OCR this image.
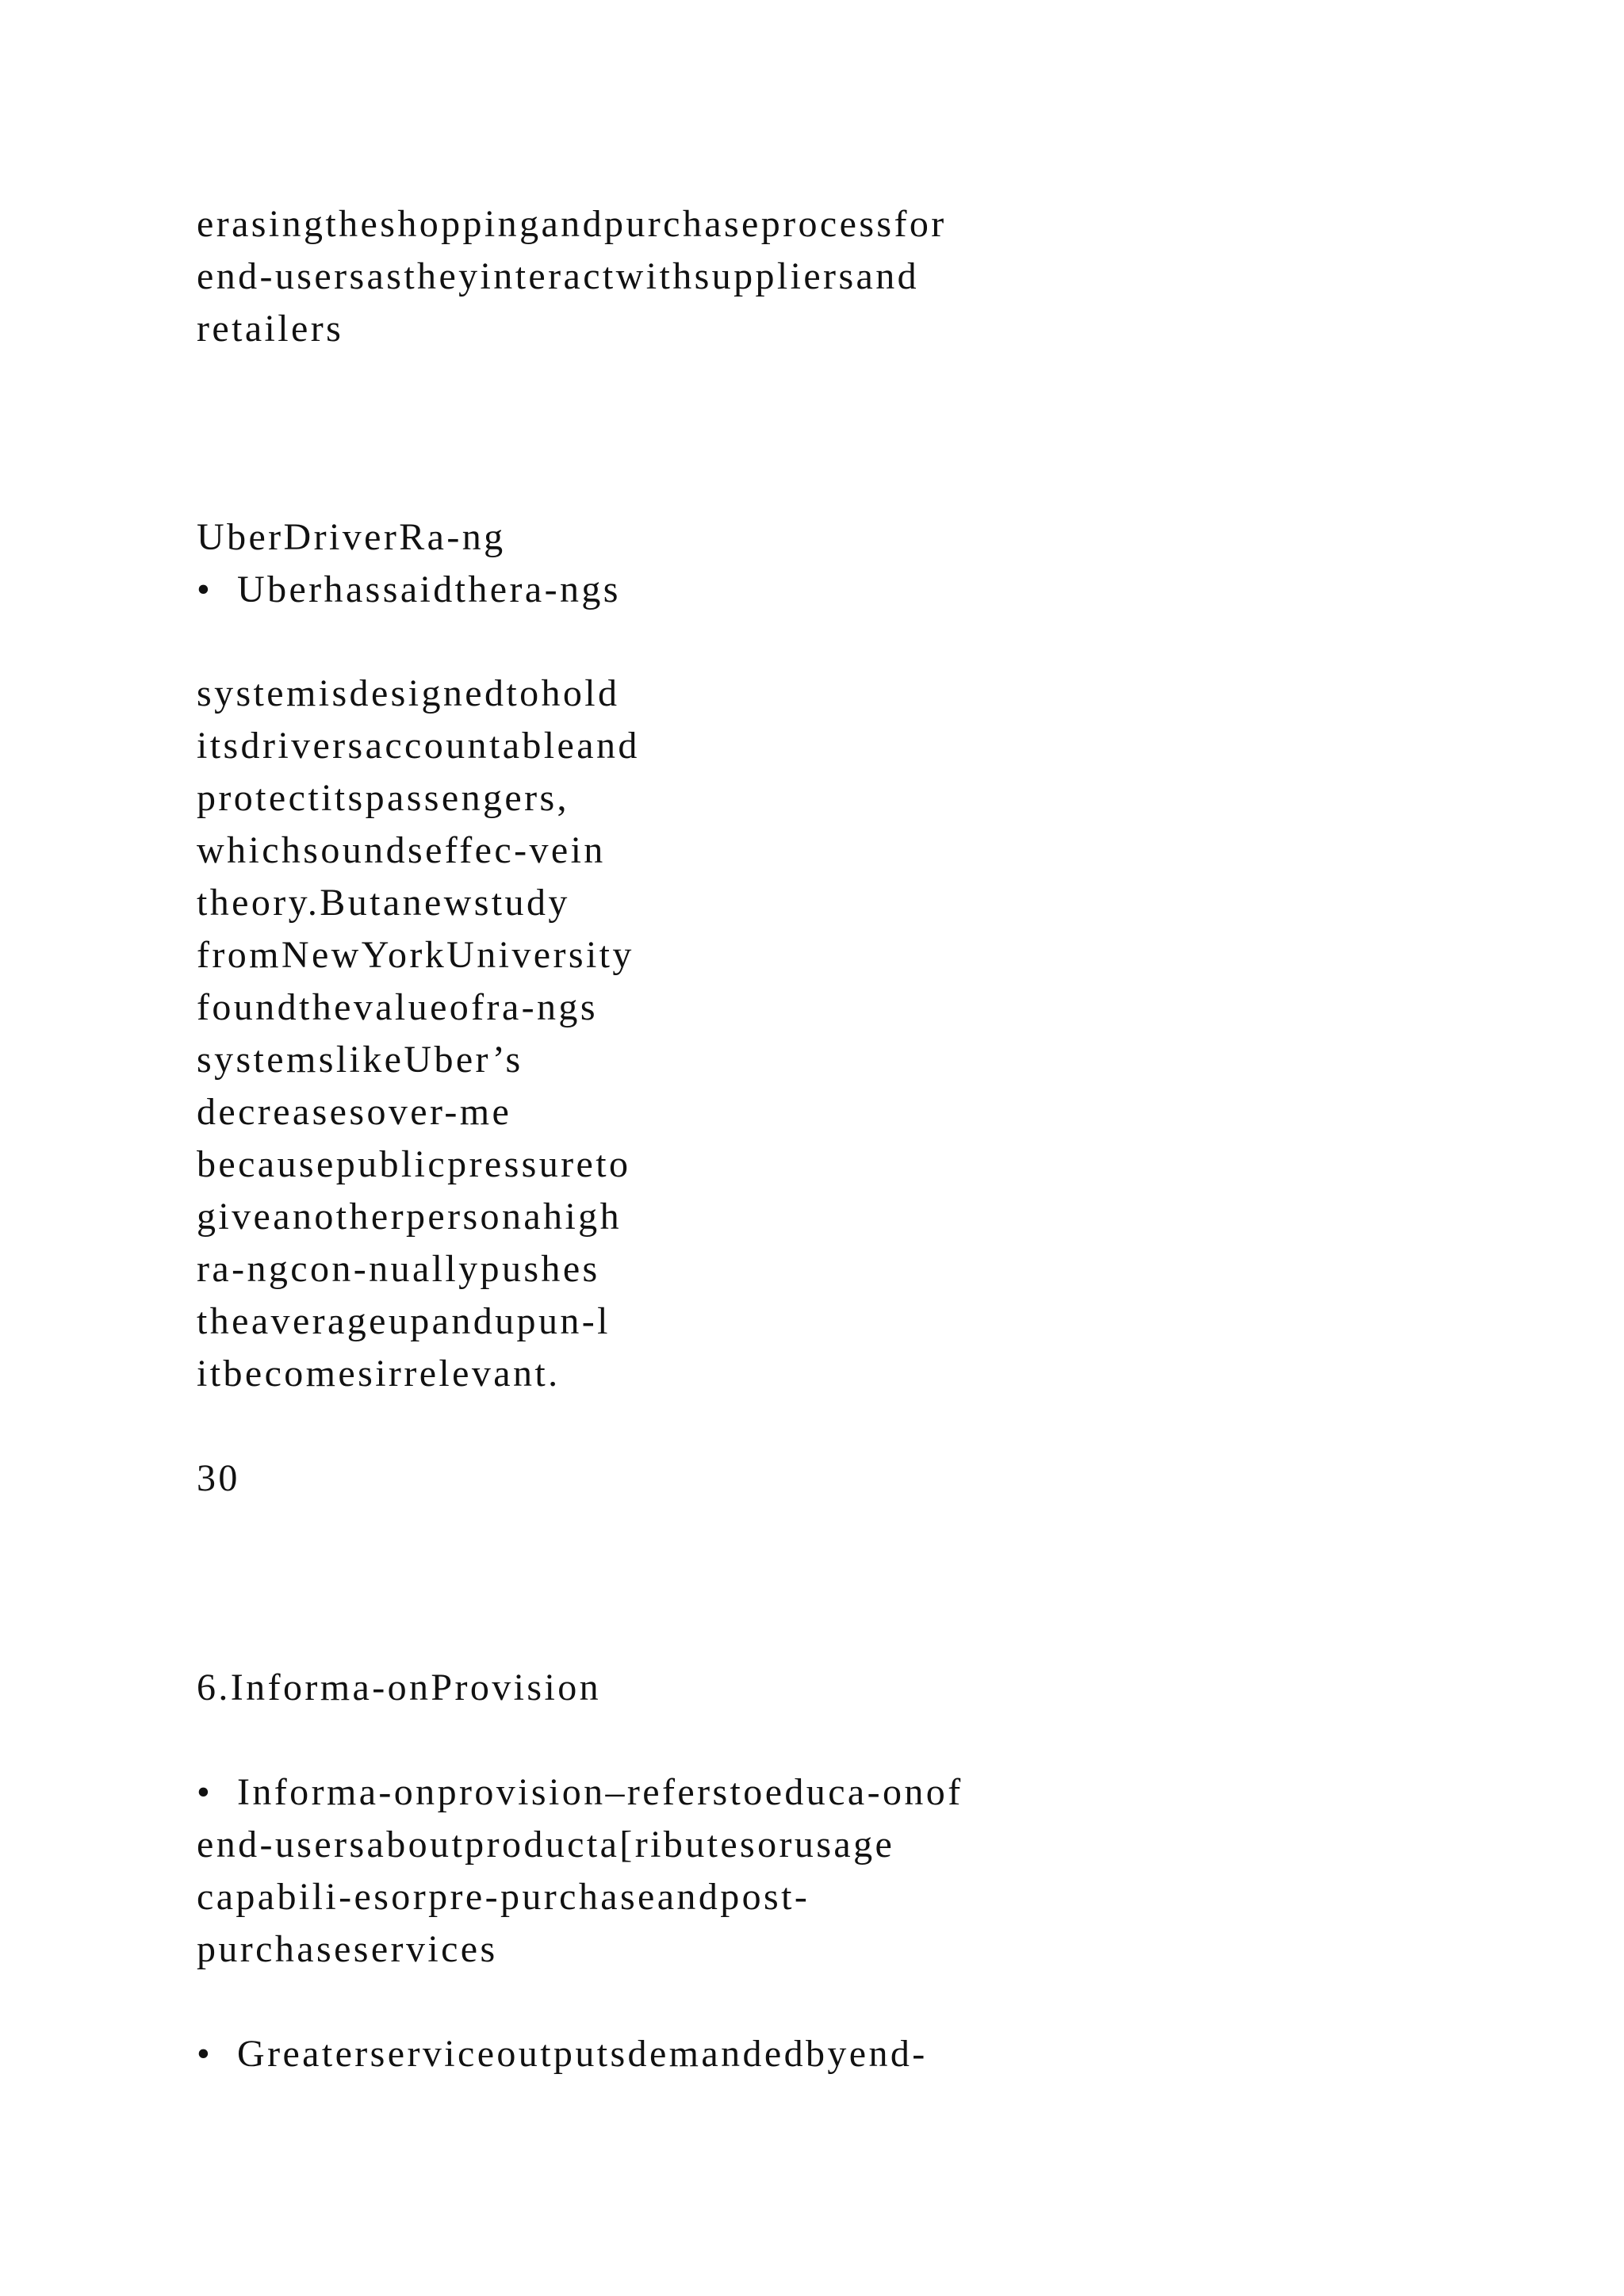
erasingtheshoppingandpurchaseprocessfor
end-usersastheyinteractwithsuppliersand
retailers
UberDriverRa-ng
•  Uberhassaidthera-ngs
systemisdesignedtohold
itsdriversaccountableand
protectitspassengers,
whichsoundseffec-vein
theory.Butanewstudy
fromNewYorkUniversity
foundthevalueofra-ngs
systemslikeUber’s
decreasesover-me
becausepublicpressureto
giveanotherpersonahigh
ra-ngcon-nuallypushes
theaverageupandupun-l
itbecomesirrelevant.
30
6.Informa-onProvision
•  Informa-onprovision–referstoeduca-onof
end-usersaboutproducta[ributesorusage
capabili-esorpre-purchaseandpost-
purchaseservices
•  Greaterserviceoutputsdemandedbyend-
